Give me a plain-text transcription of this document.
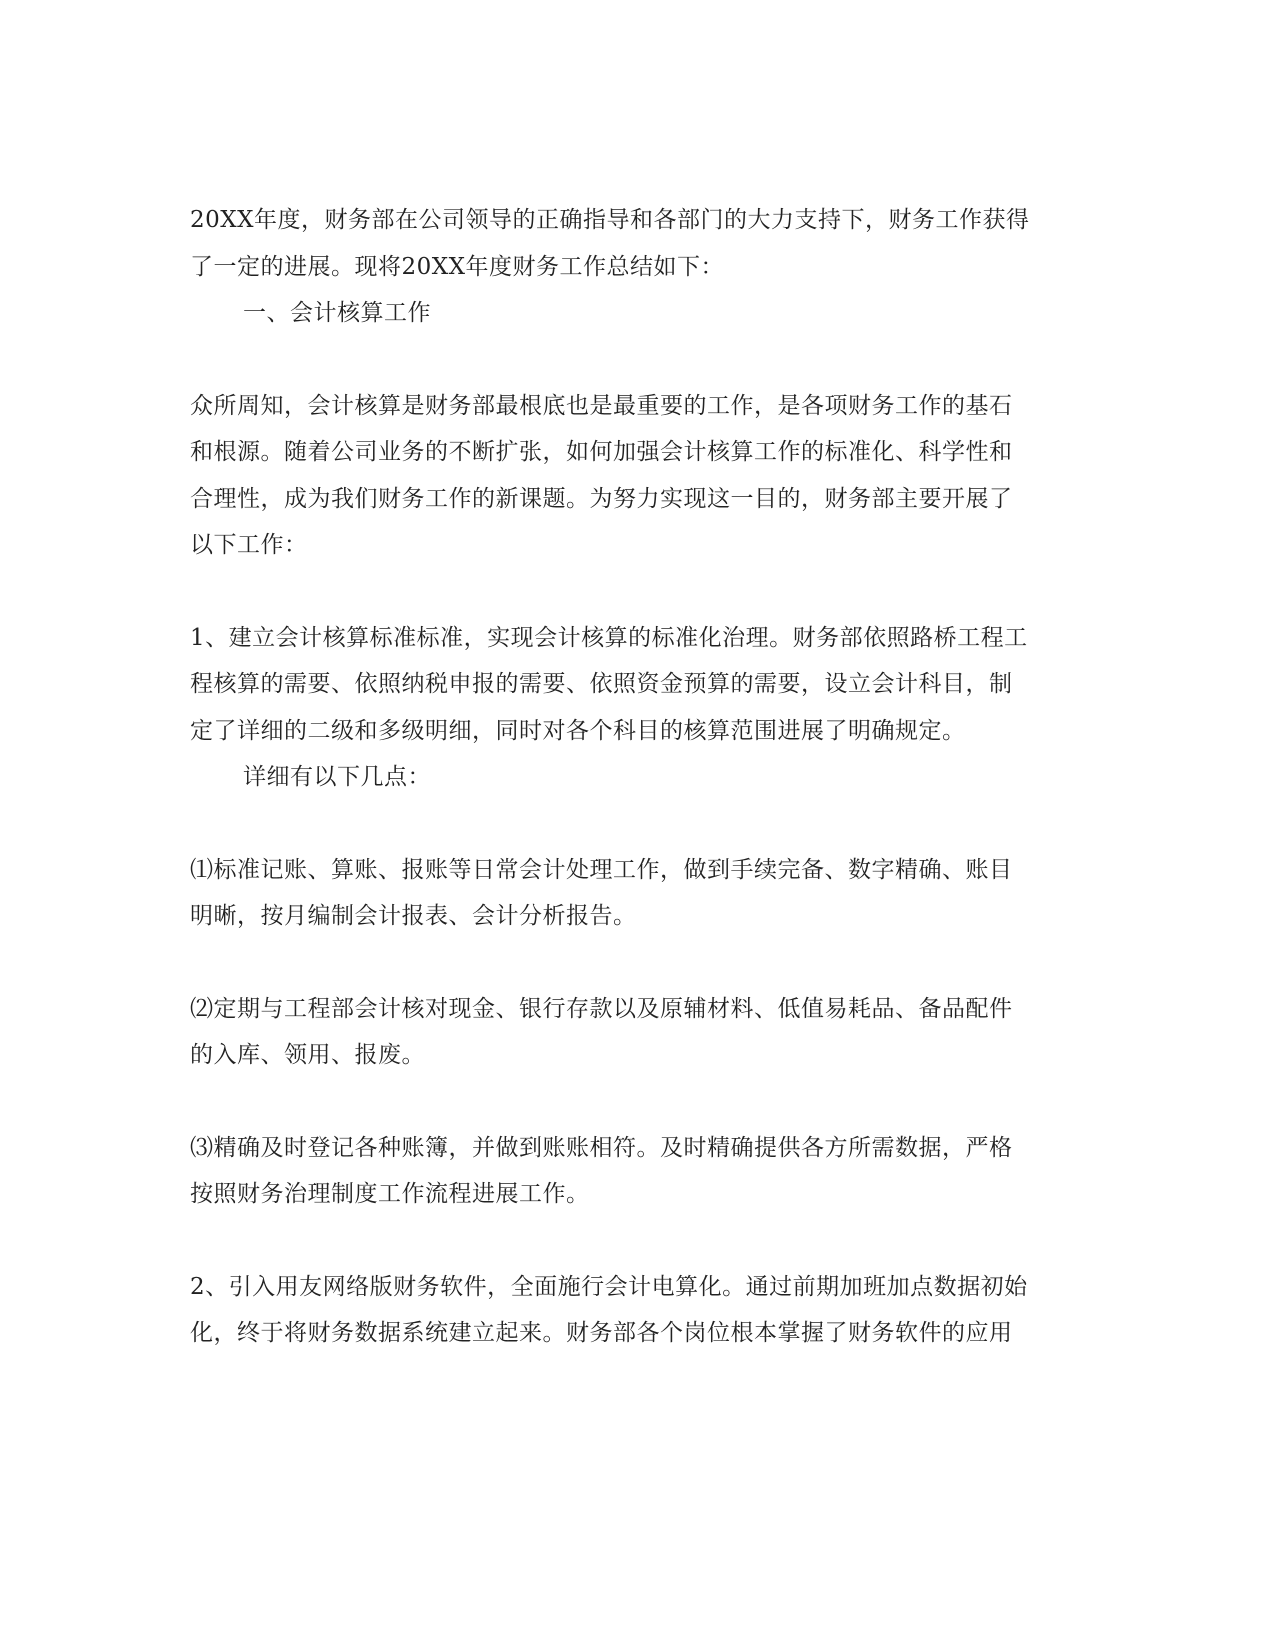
20XX年度，财务部在公司领导的正确指导和各部门的大力支持下，财务工作获得
了一定的进展。现将20XX年度财务工作总结如下：
一、会计核算工作
众所周知，会计核算是财务部最根底也是最重要的工作，是各项财务工作的基石
和根源。随着公司业务的不断扩张，如何加强会计核算工作的标准化、科学性和
合理性，成为我们财务工作的新课题。为努力实现这一目的，财务部主要开展了
以下工作：
1、建立会计核算标准标准，实现会计核算的标准化治理。财务部依照路桥工程工
程核算的需要、依照纳税申报的需要、依照资金预算的需要，设立会计科目，制
定了详细的二级和多级明细，同时对各个科目的核算范围进展了明确规定。
详细有以下几点：
⑴标准记账、算账、报账等日常会计处理工作，做到手续完备、数字精确、账目
明晰，按月编制会计报表、会计分析报告。
⑵定期与工程部会计核对现金、银行存款以及原辅材料、低值易耗品、备品配件
的入库、领用、报废。
⑶精确及时登记各种账簿，并做到账账相符。及时精确提供各方所需数据，严格
按照财务治理制度工作流程进展工作。
2、引入用友网络版财务软件，全面施行会计电算化。通过前期加班加点数据初始
化，终于将财务数据系统建立起来。财务部各个岗位根本掌握了财务软件的应用
